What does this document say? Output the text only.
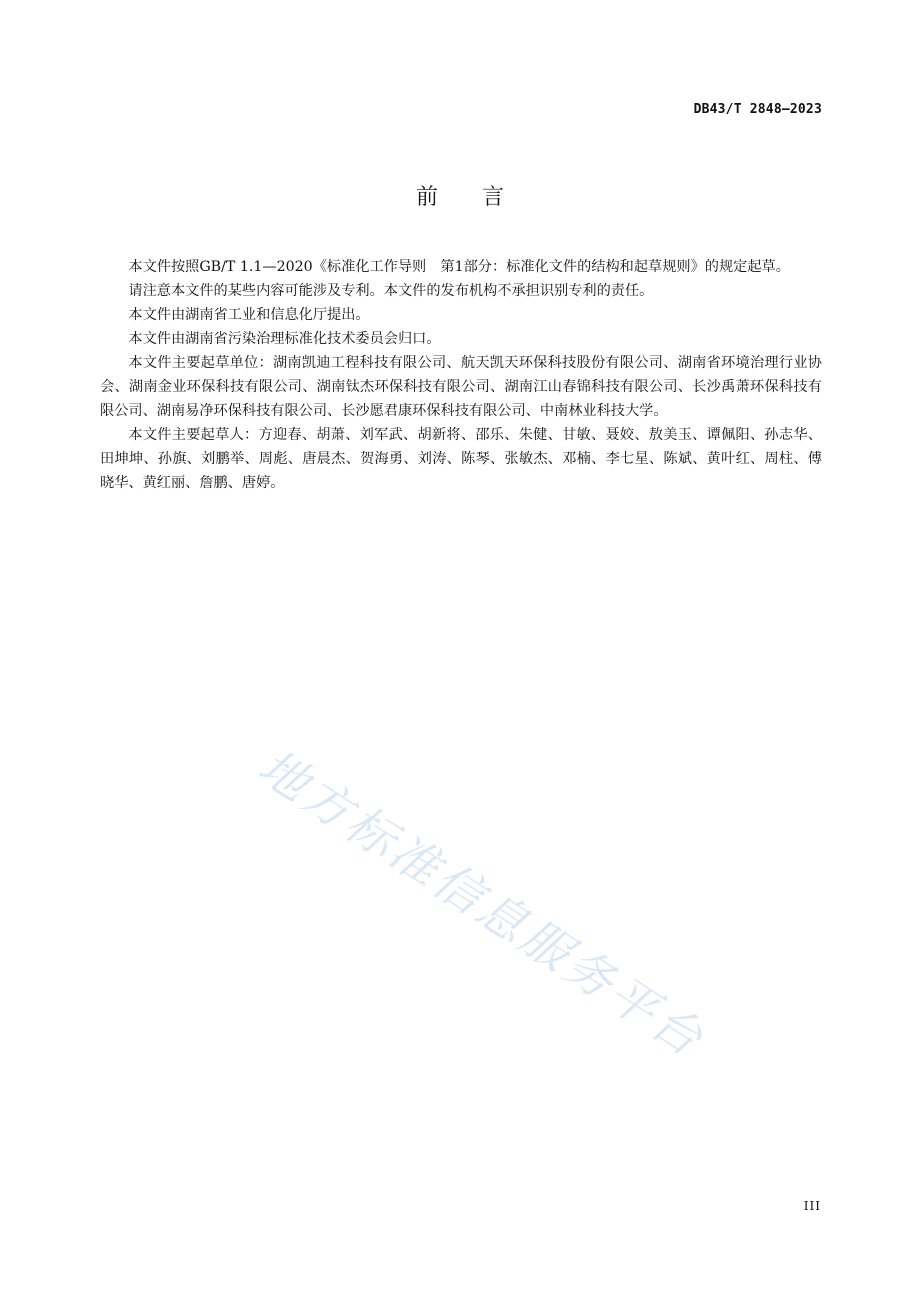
DB43/T 2848—2023
前言

本文件按照GB/T 1.1—2020《标准化工作导则　第1部分：标准化文件的结构和起草规则》的规定起草。

请注意本文件的某些内容可能涉及专利。本文件的发布机构不承担识别专利的责任。

本文件由湖南省工业和信息化厅提出。

本文件由湖南省污染治理标准化技术委员会归口。

本文件主要起草单位：湖南凯迪工程科技有限公司、航天凯天环保科技股份有限公司、湖南省环境治理行业协会、湖南金业环保科技有限公司、湖南钛杰环保科技有限公司、湖南江山春锦科技有限公司、长沙禹萧环保科技有限公司、湖南易净环保科技有限公司、长沙愿君康环保科技有限公司、中南林业科技大学。

本文件主要起草人：方迎春、胡萧、刘军武、胡新将、邵乐、朱健、甘敏、聂姣、敖美玉、谭佩阳、孙志华、田坤坤、孙旗、刘鹏举、周彪、唐晨杰、贺海勇、刘涛、陈琴、张敏杰、邓楠、李七星、陈斌、黄叶红、周柱、傅晓华、黄红丽、詹鹏、唐婷。

地方标准信息服务平台
III
